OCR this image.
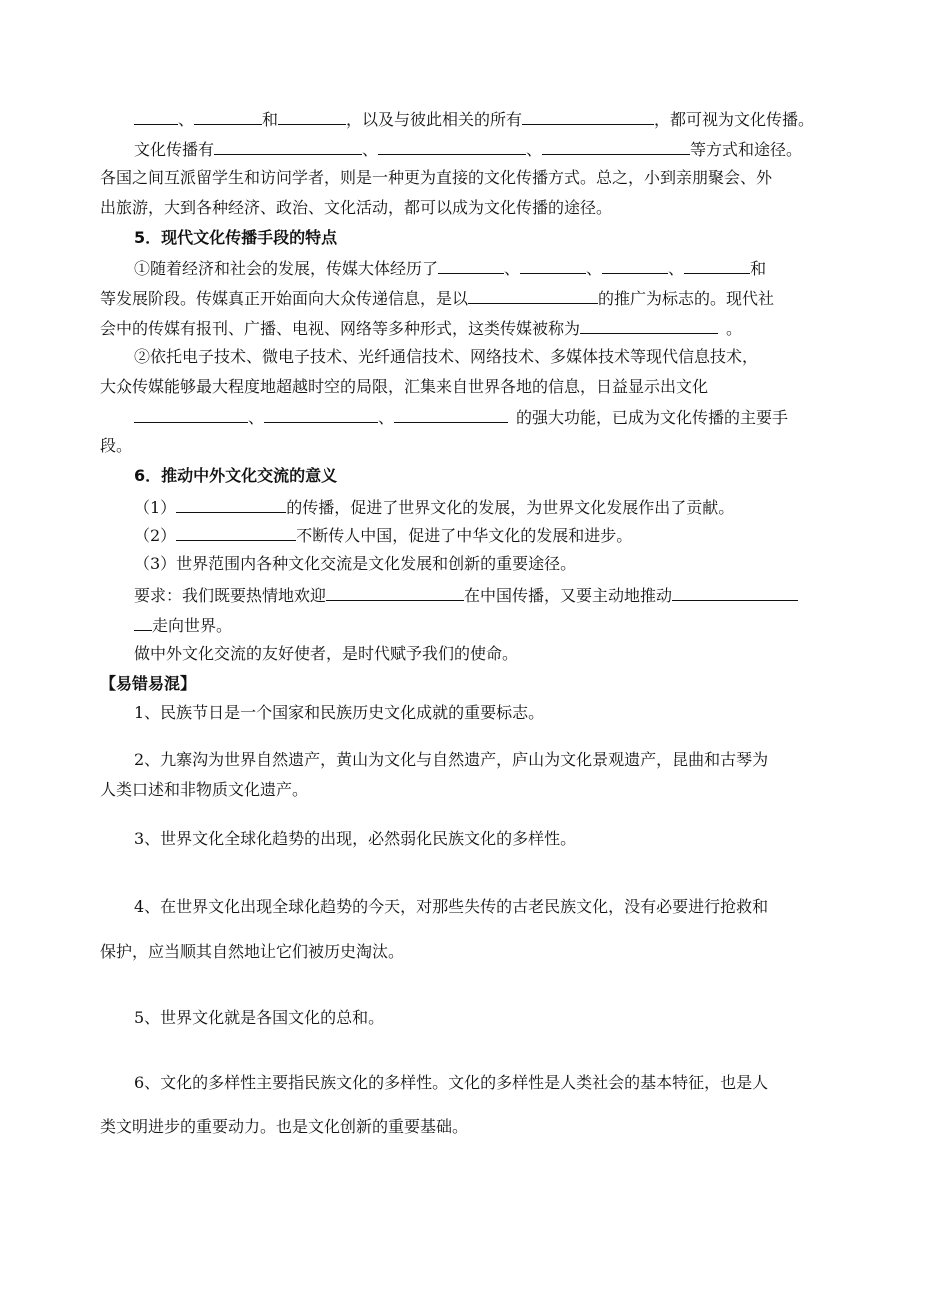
、	和	，以及与彼此相关的所有	，都可视为文化传播。
文化传播有	、	、	等方式和途径。
各国之间互派留学生和访问学者，则是一种更为直接的文化传播方式。总之，小到亲朋聚会、外
出旅游，大到各种经济、政治、文化活动，都可以成为文化传播的途径。
5．现代文化传播手段的特点
①随着经济和社会的发展，传媒大体经历了	、	、	、	和
等发展阶段。传媒真正开始面向大众传递信息，是以	的推广为标志的。现代社
会中的传媒有报刊、广播、电视、网络等多种形式，这类传媒被称为	。
②依托电子技术、微电子技术、光纤通信技术、网络技术、多媒体技术等现代信息技术，
大众传媒能够最大程度地超越时空的局限，汇集来自世界各地的信息，日益显示出文化
、	、	的强大功能，已成为文化传播的主要手
段。
6．推动中外文化交流的意义
（1）	的传播，促进了世界文化的发展，为世界文化发展作出了贡献。
（2）	不断传人中国，促进了中华文化的发展和进步。
（3）世界范围内各种文化交流是文化发展和创新的重要途径。
要求：我们既要热情地欢迎	在中国传播，又要主动地推动
走向世界。
做中外文化交流的友好使者，是时代赋予我们的使命。
【易错易混】
1、民族节日是一个国家和民族历史文化成就的重要标志。
2、九寨沟为世界自然遗产，黄山为文化与自然遗产，庐山为文化景观遗产，昆曲和古琴为
人类口述和非物质文化遗产。
3、世界文化全球化趋势的出现，必然弱化民族文化的多样性。
4、在世界文化出现全球化趋势的今天，对那些失传的古老民族文化，没有必要进行抢救和
保护，应当顺其自然地让它们被历史淘汰。
5、世界文化就是各国文化的总和。
6、文化的多样性主要指民族文化的多样性。文化的多样性是人类社会的基本特征，也是人
类文明进步的重要动力。也是文化创新的重要基础。
